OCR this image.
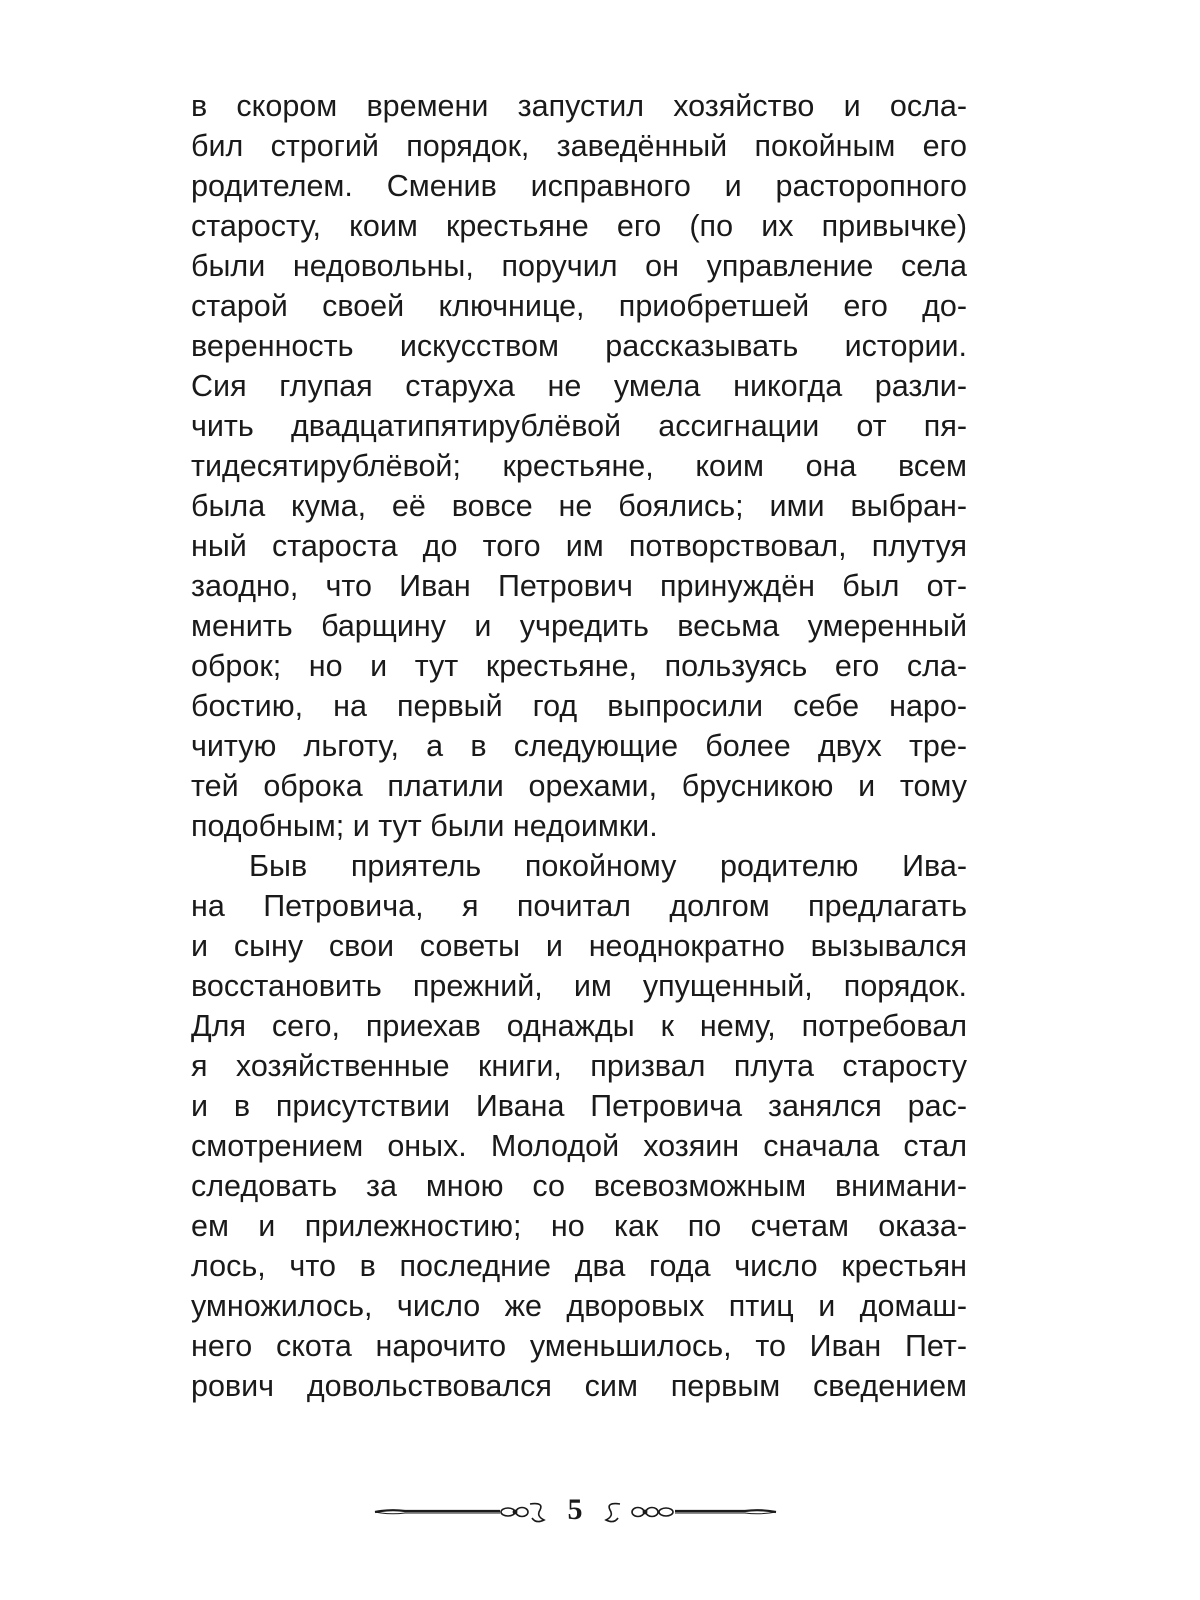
в скором времени запустил хозяйство и осла-
бил строгий порядок, заведённый покойным его
родителем. Сменив исправного и расторопного
старосту, коим крестьяне его (по их привычке)
были недовольны, поручил он управление села
старой своей ключнице, приобретшей его до-
веренность искусством рассказывать истории.
Сия глупая старуха не умела никогда разли-
чить двадцатипятирублёвой ассигнации от пя-
тидесятирублёвой; крестьяне, коим она всем
была кума, её вовсе не боялись; ими выбран-
ный староста до того им потворствовал, плутуя
заодно, что Иван Петрович принуждён был от-
менить барщину и учредить весьма умеренный
оброк; но и тут крестьяне, пользуясь его сла-
бостию, на первый год выпросили себе наро-
читую льготу, а в следующие более двух тре-
тей оброка платили орехами, брусникою и тому
подобным; и тут были недоимки.
Быв приятель покойному родителю Ива-
на Петровича, я почитал долгом предлагать
и сыну свои советы и неоднократно вызывался
восстановить прежний, им упущенный, порядок.
Для сего, приехав однажды к нему, потребовал
я хозяйственные книги, призвал плута старосту
и в присутствии Ивана Петровича занялся рас-
смотрением оных. Молодой хозяин сначала стал
следовать за мною со всевозможным внимани-
ем и прилежностию; но как по счетам оказа-
лось, что в последние два года число крестьян
умножилось, число же дворовых птиц и домаш-
него скота нарочито уменьшилось, то Иван Пет-
рович довольствовался сим первым сведением
5
